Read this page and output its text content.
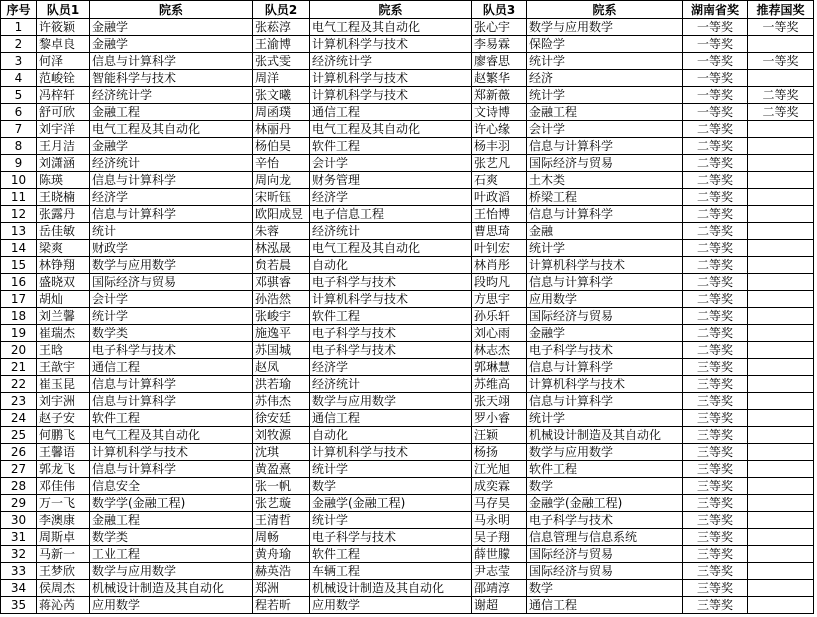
序号	队员1	院系	队员2	院系	队员3	院系	湖南省奖	推荐国奖
1	许筱颖	金融学	张菘淳	电气工程及其自动化	张心宇	数学与应用数学	一等奖	一等奖
2	黎卓良	金融学	王渝博	计算机科学与技术	李易霖	保险学	一等奖	
3	何泽	信息与计算科学	张式雯	经济统计学	廖睿思	统计学	一等奖	一等奖
4	范峻铨	智能科学与技术	周洋	计算机科学与技术	赵繁华	经济	一等奖	
5	冯梓轩	经济统计学	张文曦	计算机科学与技术	郑新薇	统计学	一等奖	二等奖
6	舒可欣	金融工程	周函璞	通信工程	文诗博	金融工程	一等奖	二等奖
7	刘宇洋	电气工程及其自动化	林丽丹	电气工程及其自动化	许心缘	会计学	二等奖	
8	王月洁	金融学	杨伯昊	软件工程	杨丰羽	信息与计算科学	二等奖	
9	刘潇涵	经济统计	辛怡	会计学	张艺凡	国际经济与贸易	二等奖	
10	陈瑛	信息与计算科学	周向龙	财务管理	石爽	土木类	二等奖	
11	王晓楠	经济学	宋昕钰	经济学	叶政滔	桥梁工程	二等奖	
12	张露丹	信息与计算科学	欧阳成昱	电子信息工程	王怡博	信息与计算科学	二等奖	
13	岳佳敏	统计	朱蓉	经济统计	曹思琦	金融	二等奖	
14	梁爽	财政学	林泓晟	电气工程及其自动化	叶钊宏	统计学	二等奖	
15	林铮翔	数学与应用数学	贠若晨	自动化	林肖彤	计算机科学与技术	二等奖	
16	盛晓双	国际经济与贸易	邓骐睿	电子科学与技术	段昀凡	信息与计算科学	二等奖	
17	胡灿	会计学	孙浩然	计算机科学与技术	方思宇	应用数学	二等奖	
18	刘兰馨	统计学	张峻宇	软件工程	孙乐轩	国际经济与贸易	二等奖	
19	崔瑞杰	数学类	施逸平	电子科学与技术	刘心雨	金融学	二等奖	
20	王晗	电子科学与技术	苏国城	电子科学与技术	林志杰	电子科学与技术	二等奖	
21	王歆宇	通信工程	赵凤	经济学	郭琳慧	信息与计算科学	三等奖	
22	崔玉昆	信息与计算科学	洪若瑜	经济统计	苏维高	计算机科学与技术	三等奖	
23	刘宇洲	信息与计算科学	苏伟杰	数学与应用数学	张天翊	信息与计算科学	三等奖	
24	赵子安	软件工程	徐安廷	通信工程	罗小睿	统计学	三等奖	
25	何鹏飞	电气工程及其自动化	刘牧源	自动化	汪颖	机械设计制造及其自动化	三等奖	
26	王馨语	计算机科学与技术	沈琪	计算机科学与技术	杨扬	数学与应用数学	三等奖	
27	郭龙飞	信息与计算科学	黄盈熹	统计学	江光旭	软件工程	三等奖	
28	邓佳伟	信息安全	张一帆	数学	成奕霖	数学	三等奖	
29	万一飞	数学学(金融工程)	张艺璇	金融学(金融工程)	马存昊	金融学(金融工程)	三等奖	
30	李澳康	金融工程	王清哲	统计学	马永明	电子科学与技术	三等奖	
31	周斯卓	数学类	周畅	电子科学与技术	吴子翔	信息管理与信息系统	三等奖	
32	马新一	工业工程	黄舟瑜	软件工程	薛世朦	国际经济与贸易	三等奖	
33	王梦欣	数学与应用数学	赫英浩	车辆工程	尹志莹	国际经济与贸易	三等奖	
34	侯周杰	机械设计制造及其自动化	郑洲	机械设计制造及其自动化	邵靖淳	数学	三等奖	
35	蒋沁芮	应用数学	程若昕	应用数学	谢超	通信工程	三等奖	
